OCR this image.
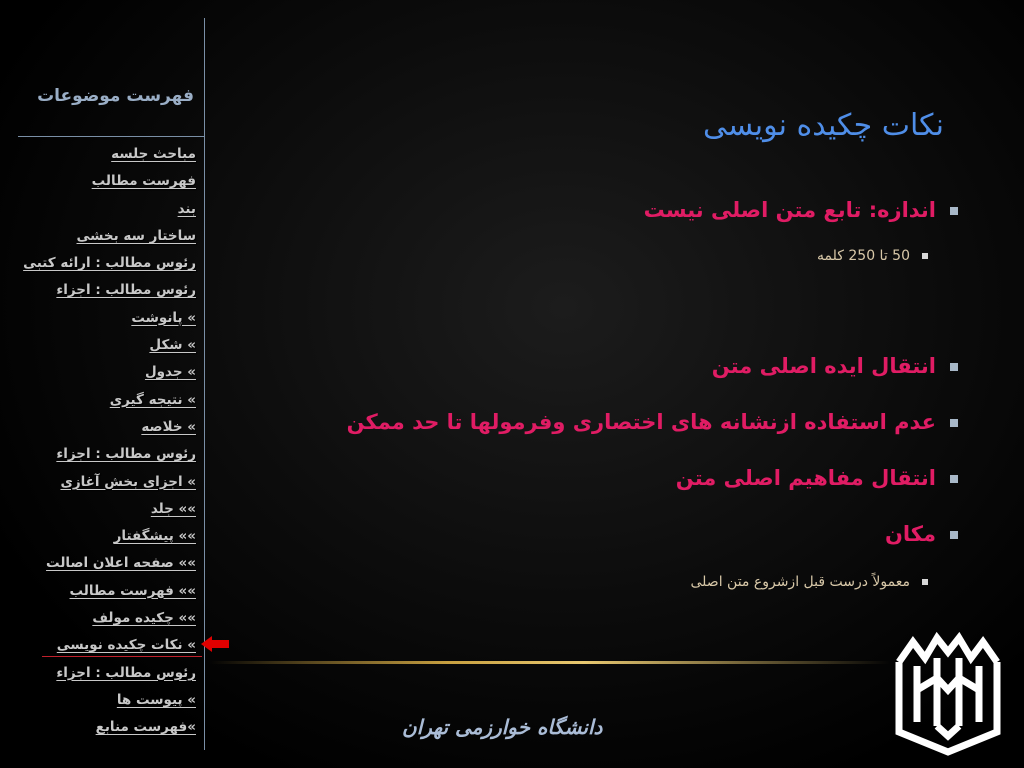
فهرست موضوعات
مباحث جلسه
فهرست مطالب
بند
ساختار سه بخشی
رئوس مطالب : ارائه کتبی
رئوس مطالب : اجزاء
» پانوشت
» شکل
» جدول
» نتیجه گیری
» خلاصه
رئوس مطالب : اجزاء
» اجزای بخش آغازی
»» جلد
»» پیشگفتار
»» صفحه اعلان اصالت
»» فهرست مطالب
»» چکیده مولف
» نکات چکیده نویسی
رئوس مطالب : اجزاء
» پیوست ها
»فهرست منابع
نکات چکیده نویسی
اندازه: تابع متن اصلی نیست
50 تا 250 کلمه
انتقال ایده اصلی متن
عدم استفاده ازنشانه های اختصاری وفرمولها تا حد ممکن
انتقال مفاهیم اصلی متن
مکان
معمولاً درست قبل ازشروع متن اصلی
دانشگاه خوارزمی تهران
